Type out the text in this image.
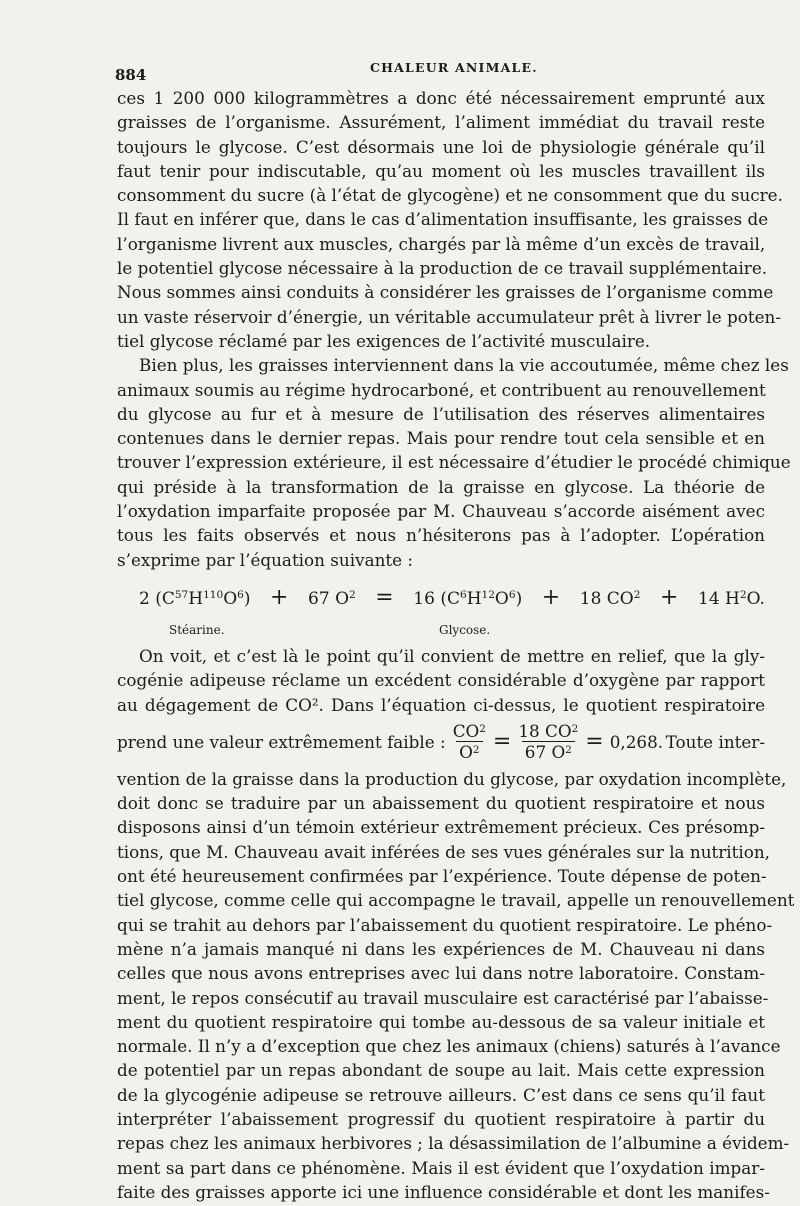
884	CHALEUR ANIMALE.
ces 1 200 000 kilogrammètres a donc été nécessairement emprunté aux
graisses de l’organisme. Assurément, l’aliment immédiat du travail reste
toujours le glycose. C’est désormais une loi de physiologie générale qu’il
faut tenir pour indiscutable, qu’au moment où les muscles travaillent ils
consomment du sucre (à l’état de glycogène) et ne consomment que du sucre.
Il faut en inférer que, dans le cas d’alimentation insuffisante, les graisses de
l’organisme livrent aux muscles, chargés par là même d’un excès de travail,
le potentiel glycose nécessaire à la production de ce travail supplémentaire.
Nous sommes ainsi conduits à considérer les graisses de l’organisme comme
un vaste réservoir d’énergie, un véritable accumulateur prêt à livrer le poten-
tiel glycose réclamé par les exigences de l’activité musculaire.
Bien plus, les graisses interviennent dans la vie accoutumée, même chez les
animaux soumis au régime hydrocarboné, et contribuent au renouvellement
du glycose au fur et à mesure de l’utilisation des réserves alimentaires
contenues dans le dernier repas. Mais pour rendre tout cela sensible et en
trouver l’expression extérieure, il est nécessaire d’étudier le procédé chimique
qui préside à la transformation de la graisse en glycose. La théorie de
l’oxydation imparfaite proposée par M. Chauveau s’accorde aisément avec
tous les faits observés et nous n’hésiterons pas à l’adopter. L’opération
s’exprime par l’équation suivante :
2 $(C^{57}H^{110}O^6) + 67$ $O^2 = 16$ $(C^6H^{12}O^6) + 18$ $CO^2 + 14$ $H^2O$.
Stéarine.	Glycose.
On voit, et c’est là le point qu’il convient de mettre en relief, que la gly-
cogénie adipeuse réclame un excédent considérable d’oxygène par rapport
au dégagement de CO². Dans l’équation ci-dessus, le quotient respiratoire
prend une valeur extrêmement faible : $\frac{CO^2}{O^2} = \frac{18 CO^2}{67 O^2} = 0,268$. Toute inter-
vention de la graisse dans la production du glycose, par oxydation incomplète,
doit donc se traduire par un abaissement du quotient respiratoire et nous
disposons ainsi d’un témoin extérieur extrêmement précieux. Ces présomp-
tions, que M. Chauveau avait inférées de ses vues générales sur la nutrition,
ont été heureusement confirmées par l’expérience. Toute dépense de poten-
tiel glycose, comme celle qui accompagne le travail, appelle un renouvellement
qui se trahit au dehors par l’abaissement du quotient respiratoire. Le phéno-
mène n’a jamais manqué ni dans les expériences de M. Chauveau ni dans
celles que nous avons entreprises avec lui dans notre laboratoire. Constam-
ment, le repos consécutif au travail musculaire est caractérisé par l’abaisse-
ment du quotient respiratoire qui tombe au-dessous de sa valeur initiale et
normale. Il n’y a d’exception que chez les animaux (chiens) saturés à l’avance
de potentiel par un repas abondant de soupe au lait. Mais cette expression
de la glycogénie adipeuse se retrouve ailleurs. C’est dans ce sens qu’il faut
interpréter l’abaissement progressif du quotient respiratoire à partir du
repas chez les animaux herbivores ; la désassimilation de l’albumine a évidem-
ment sa part dans ce phénomène. Mais il est évident que l’oxydation impar-
faite des graisses apporte ici une influence considérable et dont les manifes-
